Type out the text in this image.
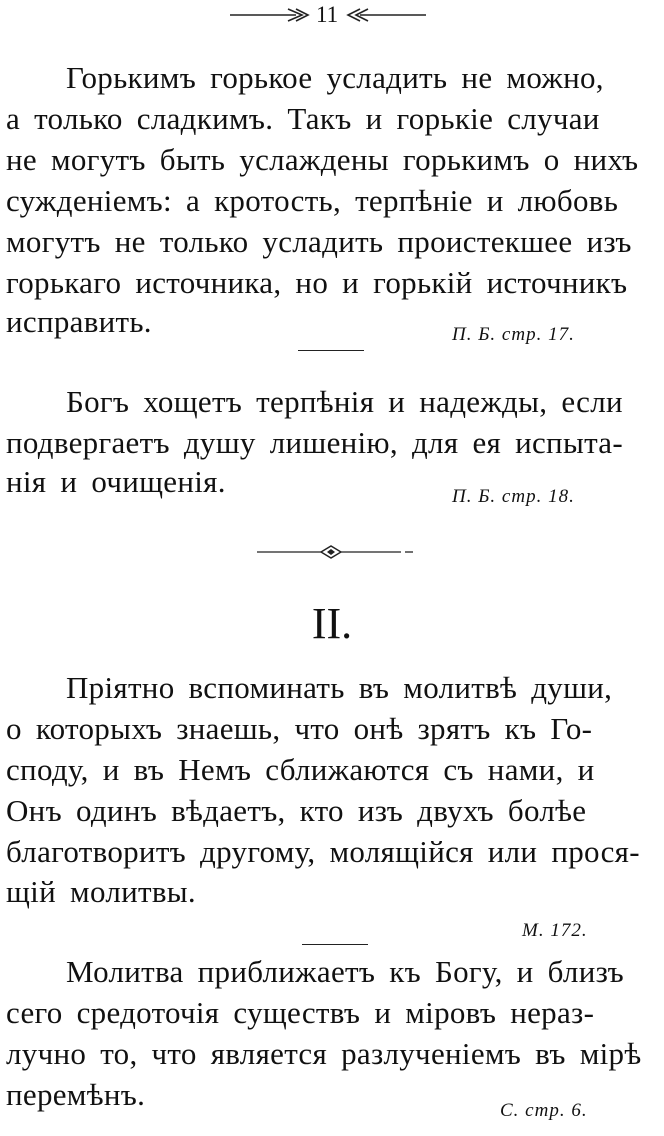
11
Горькимъ горькое усладить не можно,
а только сладкимъ. Такъ и горькіе случаи
не могутъ быть услаждены горькимъ о нихъ
сужденіемъ: а кротость, терпѣніе и любовь
могутъ не только усладить проистекшее изъ
горькаго источника, но и горькій источникъ
исправить.	П. Б. стр. 17.
Богъ хощетъ терпѣнія и надежды, если
подвергаетъ душу лишенію, для ея испыта-
нія и очищенія.	П. Б. стр. 18.
II.
Пріятно вспоминать въ молитвѣ души,
о которыхъ знаешь, что онѣ зрятъ къ Го-
споду, и въ Немъ сближаются съ нами, и
Онъ одинъ вѣдаетъ, кто изъ двухъ болѣе
благотворитъ другому, молящійся или прося-
щій молитвы.
М. 172.
Молитва приближаетъ къ Богу, и близъ
сего средоточія существъ и міровъ нераз-
лучно то, что является разлученіемъ въ мірѣ
перемѣнъ.	С. стр. 6.
